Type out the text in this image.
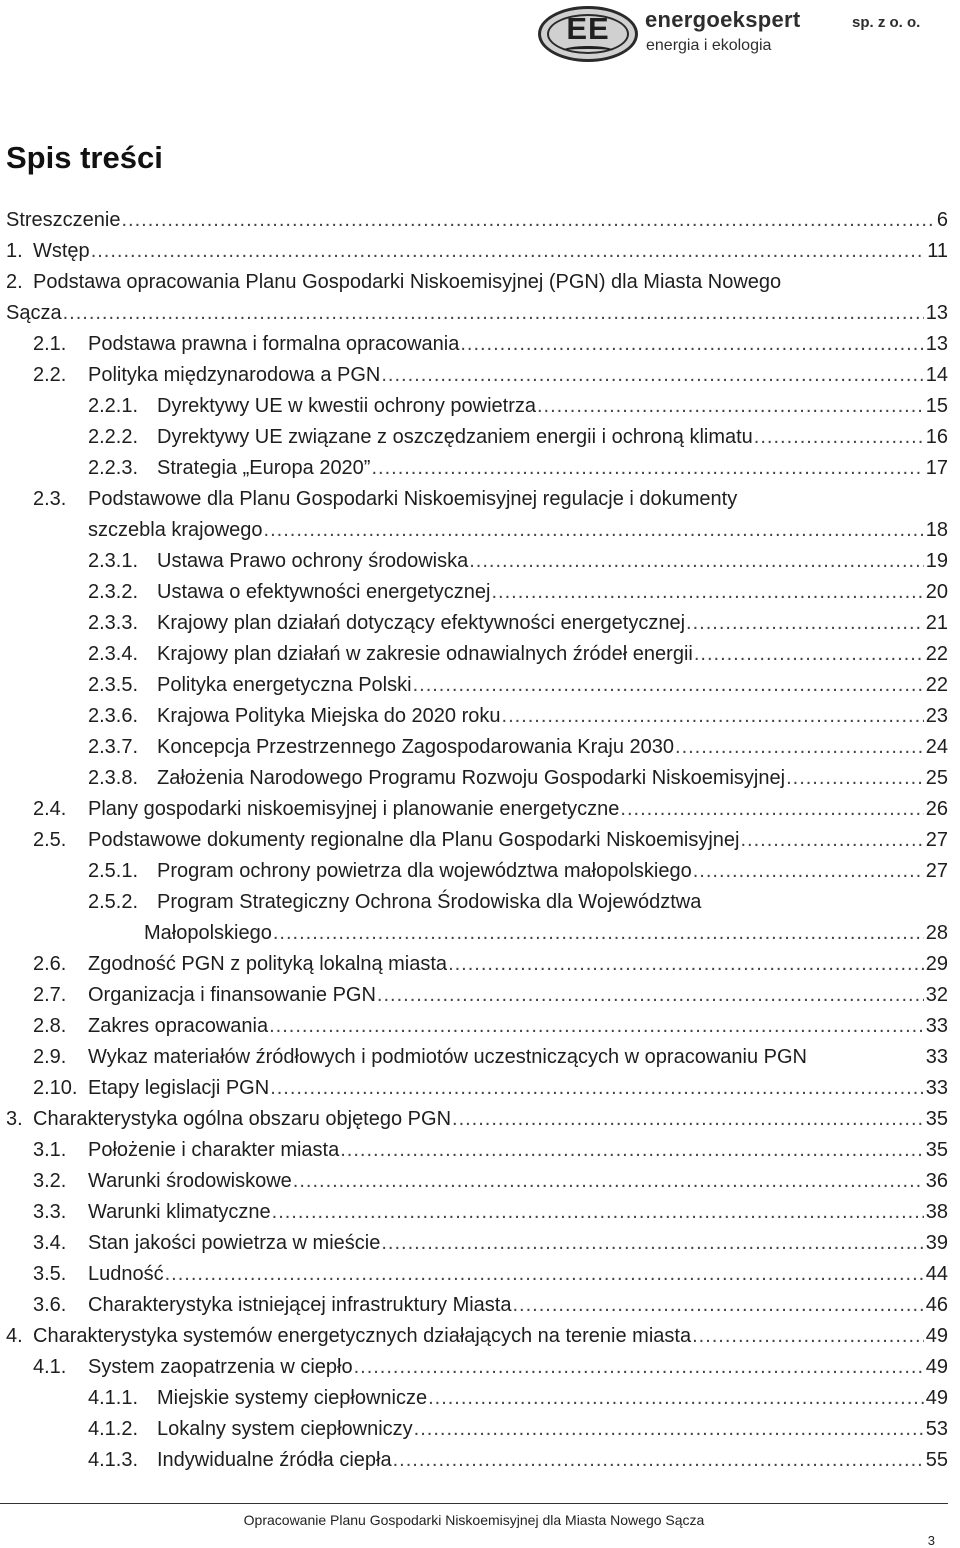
EE	energoekspert
energia i ekologia
sp. z o. o.
Spis treści
Streszczenie .....	6
1. Wstęp .....	11
2. Podstawa opracowania Planu Gospodarki Niskoemisyjnej (PGN) dla Miasta Nowego
Sącza .....	13
2.1.	Podstawa prawna i formalna opracowania .....	13
2.2.	Polityka międzynarodowa a PGN .....	14
2.2.1. Dyrektywy UE w kwestii ochrony powietrza .....	15
2.2.2. Dyrektywy UE związane z oszczędzaniem energii i ochroną klimatu .....	16
2.2.3. Strategia „Europa 2020” .....	17
2.3.	Podstawowe dla Planu Gospodarki Niskoemisyjnej regulacje i dokumenty
szczebla krajowego .....	18
2.3.1. Ustawa Prawo ochrony środowiska .....	19
2.3.2. Ustawa o efektywności energetycznej .....	20
2.3.3. Krajowy plan działań dotyczący efektywności energetycznej .....	21
2.3.4. Krajowy plan działań w zakresie odnawialnych źródeł energii .....	22
2.3.5. Polityka energetyczna Polski .....	22
2.3.6. Krajowa Polityka Miejska do 2020 roku .....	23
2.3.7. Koncepcja Przestrzennego Zagospodarowania Kraju 2030 .....	24
2.3.8. Założenia Narodowego Programu Rozwoju Gospodarki Niskoemisyjnej .....	25
2.4.	Plany gospodarki niskoemisyjnej i planowanie energetyczne .....	26
2.5.	Podstawowe dokumenty regionalne dla Planu Gospodarki Niskoemisyjnej .....	27
2.5.1. Program ochrony powietrza dla województwa małopolskiego .....	27
2.5.2. Program Strategiczny Ochrona Środowiska dla Województwa
Małopolskiego .....	28
2.6.	Zgodność PGN z polityką lokalną miasta .....	29
2.7.	Organizacja i finansowanie PGN .....	32
2.8.	Zakres opracowania .....	33
2.9.	Wykaz materiałów źródłowych i podmiotów uczestniczących w opracowaniu PGN	33
2.10. Etapy legislacji PGN .....	33
3. Charakterystyka ogólna obszaru objętego PGN .....	35
3.1.	Położenie i charakter miasta .....	35
3.2.	Warunki środowiskowe .....	36
3.3.	Warunki klimatyczne .....	38
3.4.	Stan jakości powietrza w mieście .....	39
3.5.	Ludność .....	44
3.6.	Charakterystyka istniejącej infrastruktury Miasta .....	46
4. Charakterystyka systemów energetycznych działających na terenie miasta .....	49
4.1.	System zaopatrzenia w ciepło .....	49
4.1.1. Miejskie systemy ciepłownicze .....	49
4.1.2. Lokalny system ciepłowniczy .....	53
4.1.3. Indywidualne źródła ciepła .....	55
Opracowanie Planu Gospodarki Niskoemisyjnej dla Miasta Nowego Sącza
3
